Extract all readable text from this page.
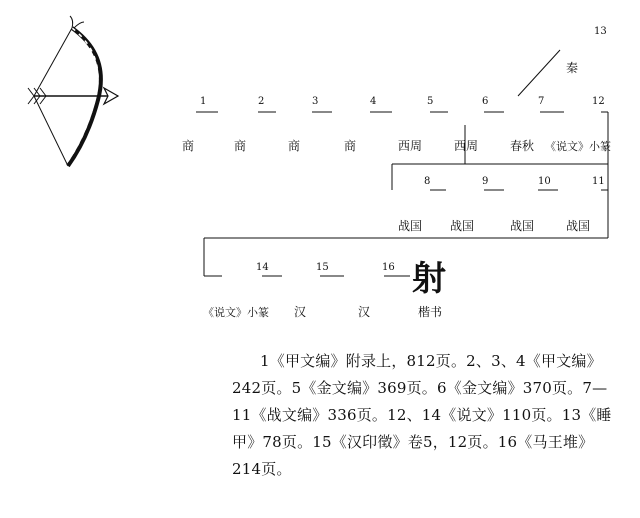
1
商
2
商
3
商
4
商
5
西周
6
西周
7
春秋
12
《说文》小篆
13
秦
8
战国
9
战国
10
战国
11
战国
14
《说文》小篆
15
汉
16
汉
射
楷书

1《甲文编》附录上，812页。2、3、4《甲文编》242页。5《金文编》369页。6《金文编》370页。7—11《战文编》336页。12、14《说文》110页。13《睡甲》78页。15《汉印徵》卷5，12页。16《马王堆》214页。
